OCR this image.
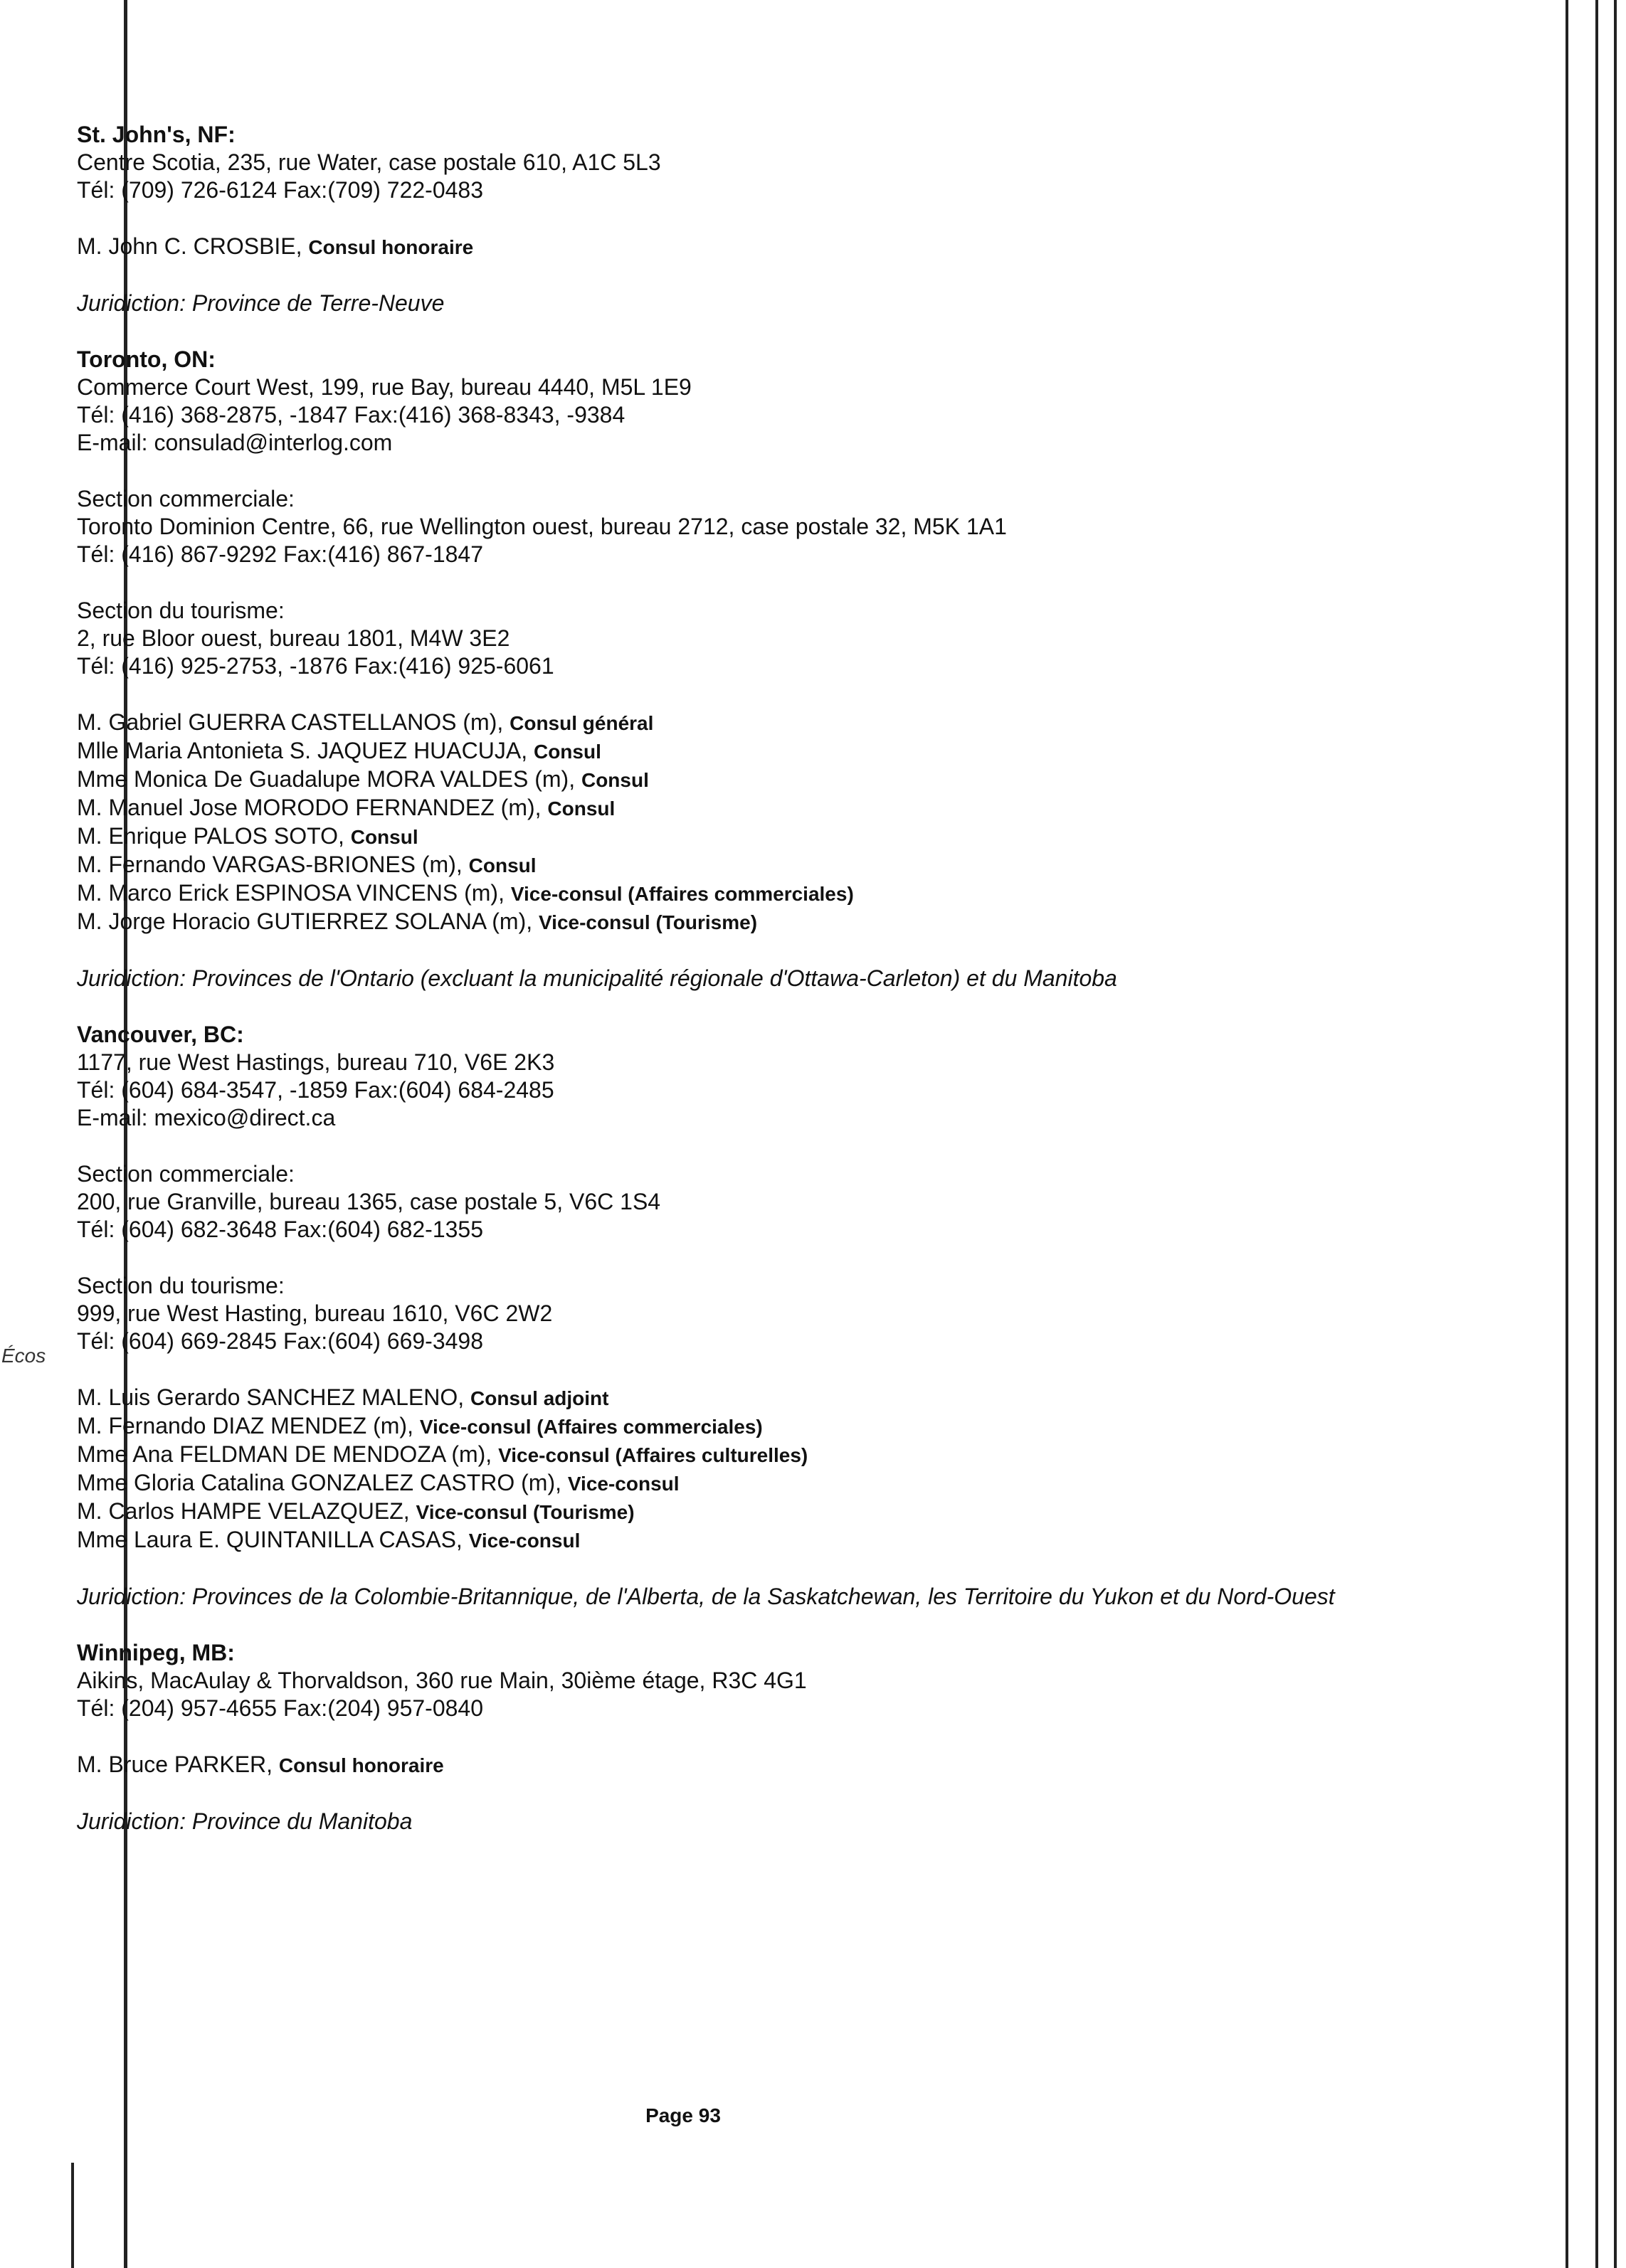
Écos
St. John's, NF:
Centre Scotia, 235, rue Water, case postale 610, A1C 5L3
Tél: (709) 726-6124 Fax:(709) 722-0483
M. John C. CROSBIE, Consul honoraire
Juridiction: Province de Terre-Neuve
Toronto, ON:
Commerce Court West, 199, rue Bay, bureau 4440, M5L 1E9
Tél: (416) 368-2875, -1847 Fax:(416) 368-8343, -9384
E-mail: consulad@interlog.com
Section commerciale:
Toronto Dominion Centre, 66, rue Wellington ouest, bureau 2712, case postale 32, M5K 1A1
Tél: (416) 867-9292 Fax:(416) 867-1847
Section du tourisme:
2, rue Bloor ouest, bureau 1801, M4W 3E2
Tél: (416) 925-2753, -1876 Fax:(416) 925-6061
M. Gabriel GUERRA CASTELLANOS (m), Consul général
Mlle Maria Antonieta S. JAQUEZ HUACUJA, Consul
Mme Monica De Guadalupe MORA VALDES (m), Consul
M. Manuel Jose MORODO FERNANDEZ (m), Consul
M. Enrique PALOS SOTO, Consul
M. Fernando VARGAS-BRIONES (m), Consul
M. Marco Erick ESPINOSA VINCENS (m), Vice-consul (Affaires commerciales)
M. Jorge Horacio GUTIERREZ SOLANA (m), Vice-consul (Tourisme)
Juridiction: Provinces de l'Ontario (excluant la municipalité régionale d'Ottawa-Carleton) et du Manitoba
Vancouver, BC:
1177, rue West Hastings, bureau 710, V6E 2K3
Tél: (604) 684-3547, -1859 Fax:(604) 684-2485
E-mail: mexico@direct.ca
Section commerciale:
200, rue Granville, bureau 1365, case postale 5, V6C 1S4
Tél: (604) 682-3648 Fax:(604) 682-1355
Section du tourisme:
999, rue West Hasting, bureau 1610, V6C 2W2
Tél: (604) 669-2845 Fax:(604) 669-3498
M. Luis Gerardo SANCHEZ MALENO, Consul adjoint
M. Fernando DIAZ MENDEZ (m), Vice-consul (Affaires commerciales)
Mme Ana FELDMAN DE MENDOZA (m), Vice-consul (Affaires culturelles)
Mme Gloria Catalina GONZALEZ CASTRO (m), Vice-consul
M. Carlos HAMPE VELAZQUEZ, Vice-consul (Tourisme)
Mme Laura E. QUINTANILLA CASAS, Vice-consul
Juridiction: Provinces de la Colombie-Britannique, de l'Alberta, de la Saskatchewan, les Territoire du Yukon et du Nord-Ouest
Winnipeg, MB:
Aikins, MacAulay & Thorvaldson, 360 rue Main, 30ième étage, R3C 4G1
Tél: (204) 957-4655 Fax:(204) 957-0840
M. Bruce PARKER, Consul honoraire
Juridiction: Province du Manitoba
Page 93
